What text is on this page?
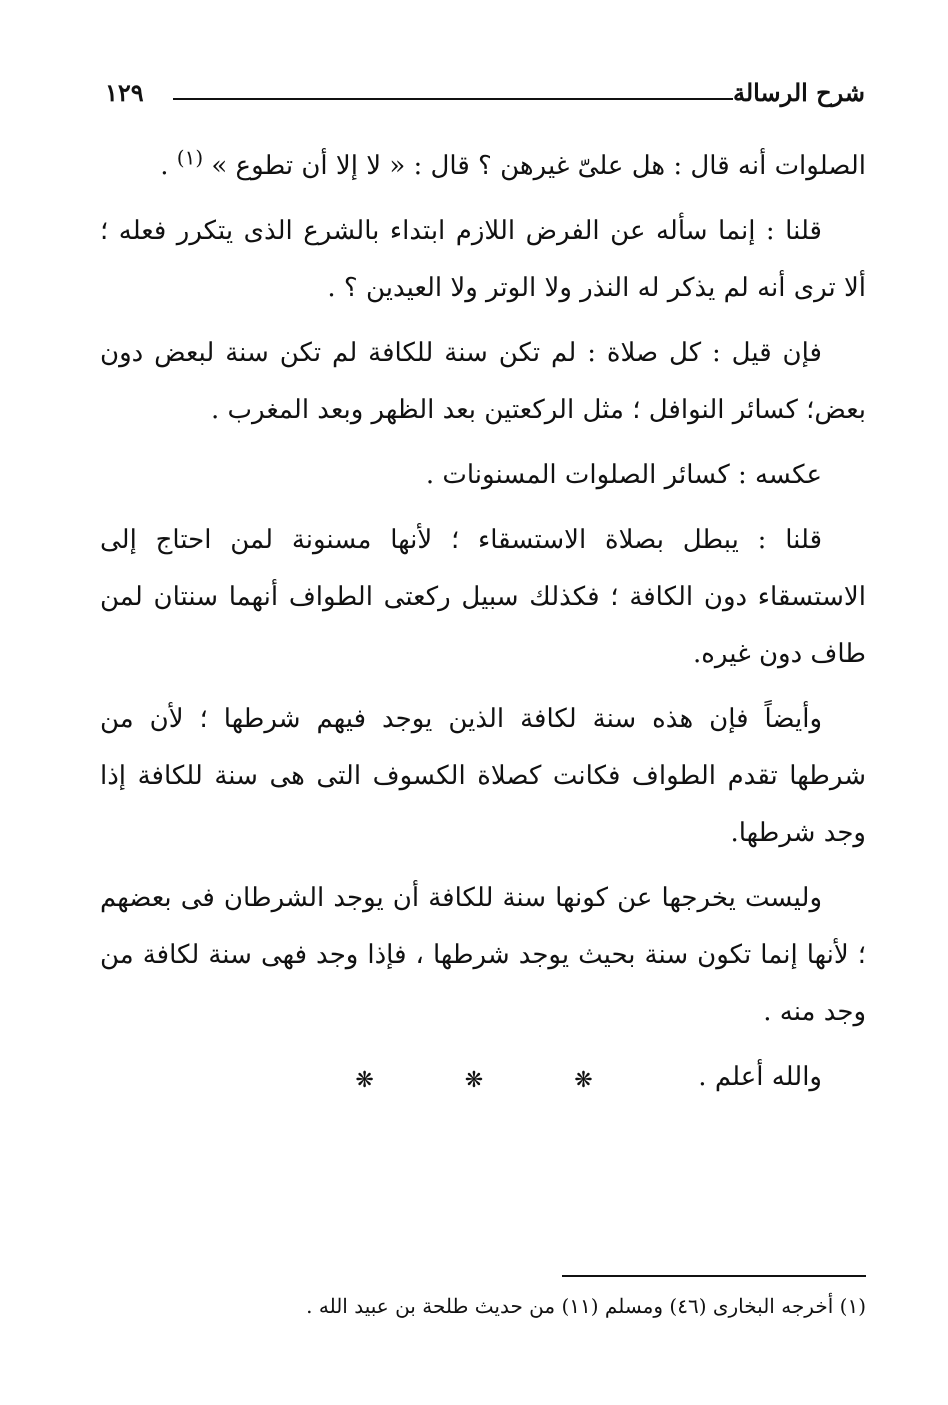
شرح الرسالة
١٢٩

الصلوات أنه قال : هل علىّ غيرهن ؟ قال : « لا إلا أن تطوع » $^{(١)}$ .

قلنا : إنما سأله عن الفرض اللازم ابتداء بالشرع الذى يتكرر فعله ؛ ألا ترى أنه لم يذكر له النذر ولا الوتر ولا العيدين ؟ .

فإن قيل : كل صلاة : لم تكن سنة للكافة لم تكن سنة لبعض دون بعض؛ كسائر النوافل ؛ مثل الركعتين بعد الظهر وبعد المغرب .

عكسه : كسائر الصلوات المسنونات .

قلنا : يبطل بصلاة الاستسقاء ؛ لأنها مسنونة لمن احتاج إلى الاستسقاء دون الكافة ؛ فكذلك سبيل ركعتى الطواف أنهما سنتان لمن طاف دون غيره.

وأيضاً فإن هذه سنة لكافة الذين يوجد فيهم شرطها ؛ لأن من شرطها تقدم الطواف فكانت كصلاة الكسوف التى هى سنة للكافة إذا وجد شرطها.

وليست يخرجها عن كونها سنة للكافة أن يوجد الشرطان فى بعضهم ؛ لأنها إنما تكون سنة بحيث يوجد شرطها ، فإذا وجد فهى سنة لكافة من وجد منه .

والله أعلم .

❋ ❋ ❋
(١) أخرجه البخارى (٤٦) ومسلم (١١) من حديث طلحة بن عبيد الله .
